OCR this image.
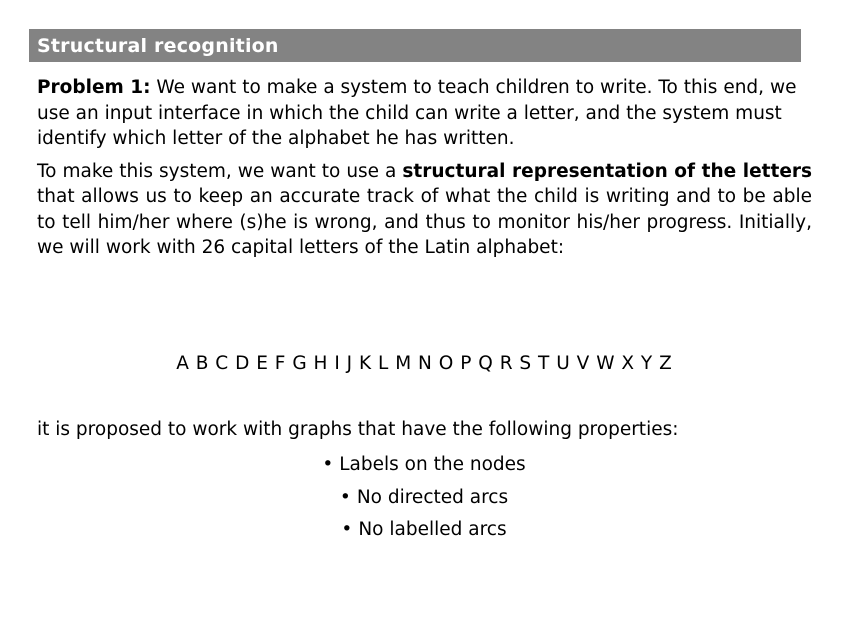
Structural recognition

Problem 1: We want to make a system to teach children to write. To this end, we use an input interface in which the child can write a letter, and the system must identify which letter of the alphabet he has written.

To make this system, we want to use a structural representation of the letters that allows us to keep an accurate track of what the child is writing and to be able to tell him/her where (s)he is wrong, and thus to monitor his/her progress. Initially, we will work with 26 capital letters of the Latin alphabet:

A B C D E F G H I J K L M N O P Q R S T U V W X Y Z
it is proposed to work with graphs that have the following properties:
• Labels on the nodes
• No directed arcs
• No labelled arcs
